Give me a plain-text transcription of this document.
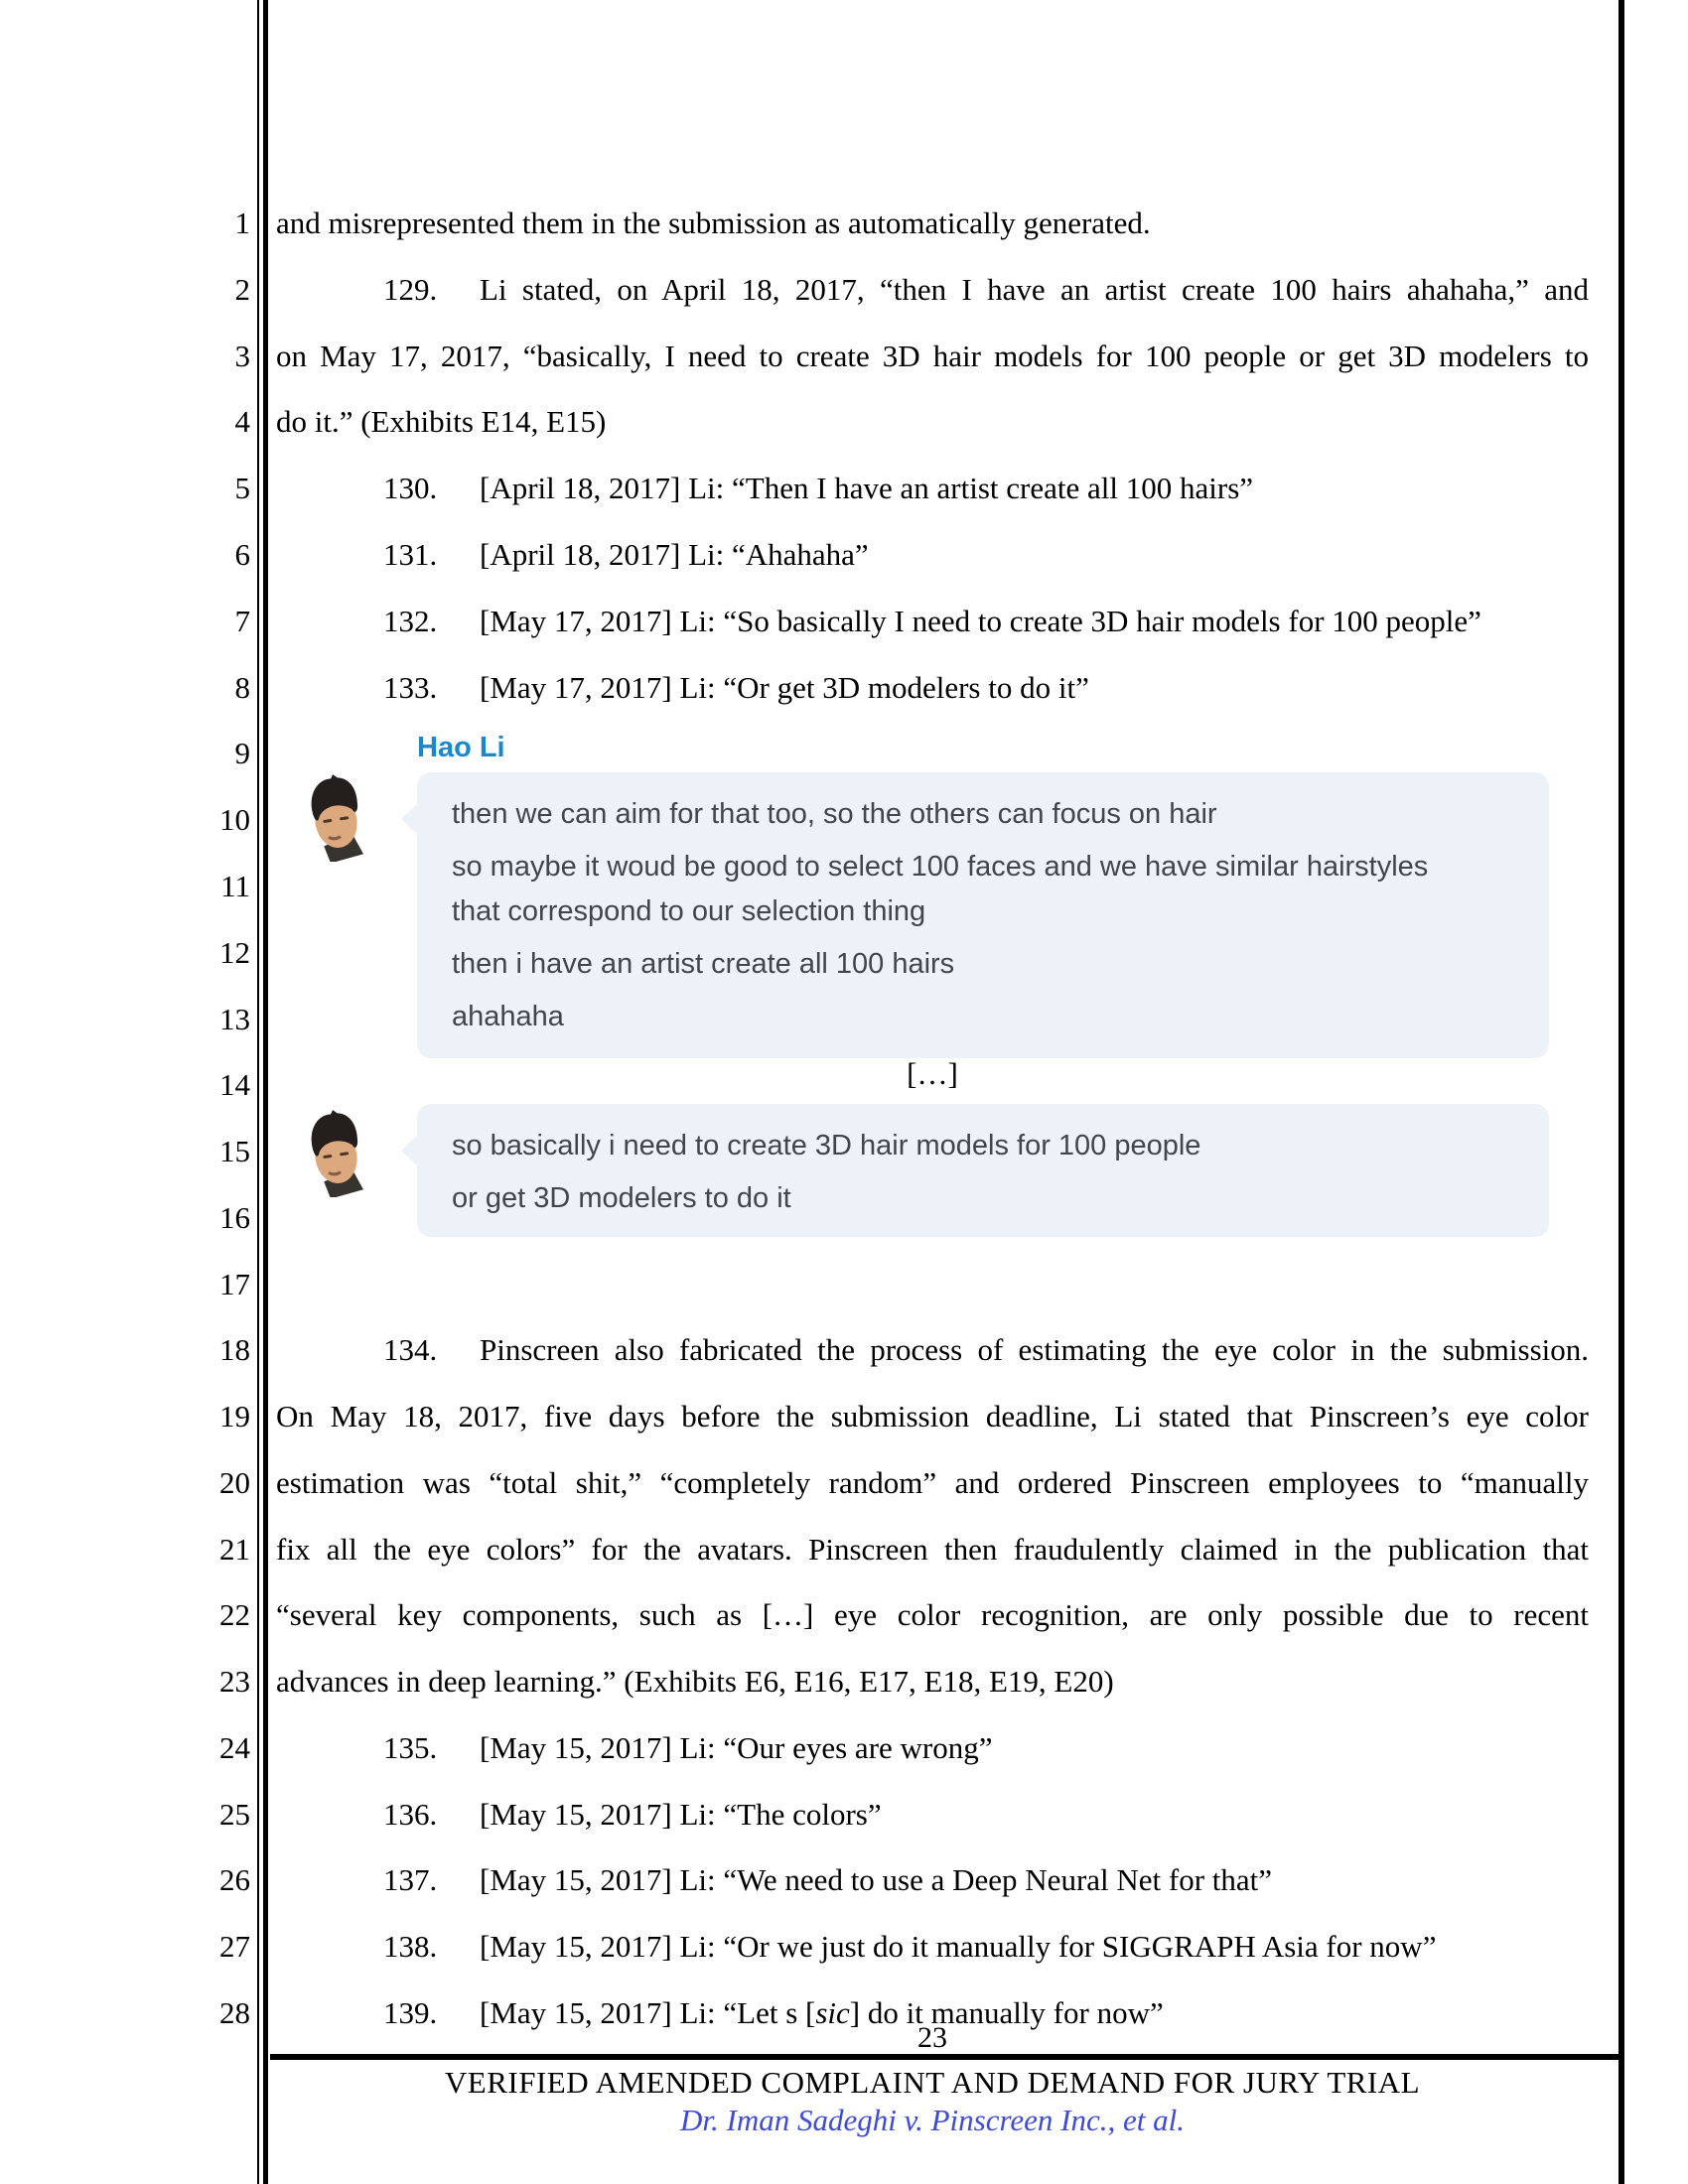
1
2
3
4
5
6
7
8
9
10
11
12
13
14
15
16
17
18
19
20
21
22
23
24
25
26
27
28
and misrepresented them in the submission as automatically generated.
129. Li stated, on April 18, 2017, “then I have an artist create 100 hairs ahahaha,” and
on May 17, 2017, “basically, I need to create 3D hair models for 100 people or get 3D modelers to
do it.” (Exhibits E14, E15)
130. [April 18, 2017] Li: “Then I have an artist create all 100 hairs”
131. [April 18, 2017] Li: “Ahahaha”
132. [May 17, 2017] Li: “So basically I need to create 3D hair models for 100 people”
133. [May 17, 2017] Li: “Or get 3D modelers to do it”
Hao Li
then we can aim for that too, so the others can focus on hair
so maybe it woud be good to select 100 faces and we have similar hairstyles
that correspond to our selection thing
then i have an artist create all 100 hairs
ahahaha
[…]
so basically i need to create 3D hair models for 100 people
or get 3D modelers to do it
134. Pinscreen also fabricated the process of estimating the eye color in the submission.
On May 18, 2017, five days before the submission deadline, Li stated that Pinscreen’s eye color
estimation was “total shit,” “completely random” and ordered Pinscreen employees to “manually
fix all the eye colors” for the avatars. Pinscreen then fraudulently claimed in the publication that
“several key components, such as […] eye color recognition, are only possible due to recent
advances in deep learning.” (Exhibits E6, E16, E17, E18, E19, E20)
135. [May 15, 2017] Li: “Our eyes are wrong”
136. [May 15, 2017] Li: “The colors”
137. [May 15, 2017] Li: “We need to use a Deep Neural Net for that”
138. [May 15, 2017] Li: “Or we just do it manually for SIGGRAPH Asia for now”
139. [May 15, 2017] Li: “Let s [sic] do it manually for now”
23
VERIFIED AMENDED COMPLAINT AND DEMAND FOR JURY TRIAL
Dr. Iman Sadeghi v. Pinscreen Inc., et al.
